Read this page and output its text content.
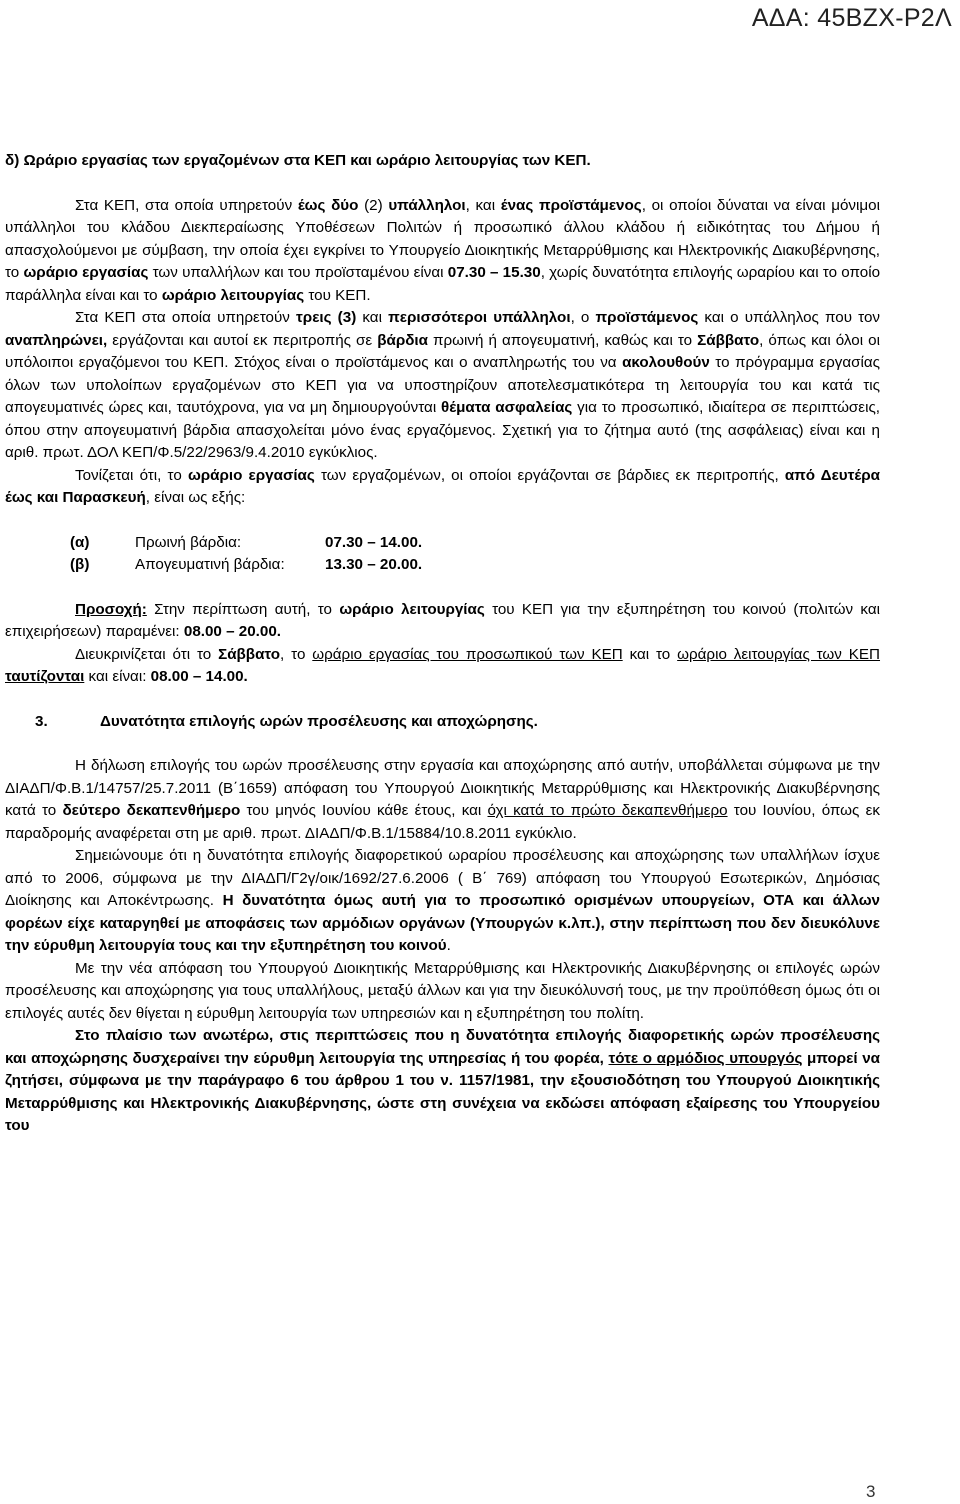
ΑΔΑ: 45ΒΖΧ-Ρ2Λ

δ) Ωράριο εργασίας των εργαζομένων στα ΚΕΠ και ωράριο λειτουργίας των ΚΕΠ.

Στα ΚΕΠ, στα οποία υπηρετούν έως δύο (2) υπάλληλοι, και ένας προϊστάμενος, οι οποίοι δύναται να είναι μόνιμοι υπάλληλοι του κλάδου Διεκπεραίωσης Υποθέσεων Πολιτών ή προσωπικό άλλου κλάδου ή ειδικότητας του Δήμου ή απασχολούμενοι με σύμβαση, την οποία έχει εγκρίνει το Υπουργείο Διοικητικής Μεταρρύθμισης και Ηλεκτρονικής Διακυβέρνησης, το ωράριο εργασίας των υπαλλήλων και του προϊσταμένου είναι 07.30 – 15.30, χωρίς δυνατότητα επιλογής ωραρίου και το οποίο παράλληλα είναι και το ωράριο λειτουργίας του ΚΕΠ.

Στα ΚΕΠ στα οποία υπηρετούν τρεις (3) και περισσότεροι υπάλληλοι, ο προϊστάμενος και ο υπάλληλος που τον αναπληρώνει, εργάζονται και αυτοί εκ περιτροπής σε βάρδια πρωινή ή απογευματινή, καθώς και το Σάββατο, όπως και όλοι οι υπόλοιποι εργαζόμενοι του ΚΕΠ. Στόχος είναι ο προϊστάμενος και ο αναπληρωτής του να ακολουθούν το πρόγραμμα εργασίας όλων των υπολοίπων εργαζομένων στο ΚΕΠ για να υποστηρίζουν αποτελεσματικότερα τη λειτουργία του και κατά τις απογευματινές ώρες και, ταυτόχρονα, για να μη δημιουργούνται θέματα ασφαλείας για το προσωπικό, ιδιαίτερα σε περιπτώσεις, όπου στην απογευματινή βάρδια απασχολείται μόνο ένας εργαζόμενος. Σχετική για το ζήτημα αυτό (της ασφάλειας) είναι και η αριθ. πρωτ. ΔΟΛ ΚΕΠ/Φ.5/22/2963/9.4.2010 εγκύκλιος.

Τονίζεται ότι, το ωράριο εργασίας των εργαζομένων, οι οποίοι εργάζονται σε βάρδιες εκ περιτροπής, από Δευτέρα έως και Παρασκευή, είναι ως εξής:

(α)	Πρωινή βάρδια:	07.30 – 14.00.
(β)	Απογευματινή βάρδια:	13.30 – 20.00.

Προσοχή: Στην περίπτωση αυτή, το ωράριο λειτουργίας του ΚΕΠ για την εξυπηρέτηση του κοινού (πολιτών και επιχειρήσεων) παραμένει: 08.00 – 20.00.

Διευκρινίζεται ότι το Σάββατο, το ωράριο εργασίας του προσωπικού των ΚΕΠ και το ωράριο λειτουργίας των ΚΕΠ ταυτίζονται και είναι: 08.00 – 14.00.

3.	Δυνατότητα επιλογής ωρών προσέλευσης και αποχώρησης.

Η δήλωση επιλογής του ωρών προσέλευσης στην εργασία και αποχώρησης από αυτήν, υποβάλλεται σύμφωνα με την ΔΙΑΔΠ/Φ.Β.1/14757/25.7.2011 (Β΄1659) απόφαση του Υπουργού Διοικητικής Μεταρρύθμισης και Ηλεκτρονικής Διακυβέρνησης κατά το δεύτερο δεκαπενθήμερο του μηνός Ιουνίου κάθε έτους, και όχι κατά το πρώτο δεκαπενθήμερο του Ιουνίου, όπως εκ παραδρομής αναφέρεται στη με αριθ. πρωτ. ΔΙΑΔΠ/Φ.Β.1/15884/10.8.2011 εγκύκλιο.

Σημειώνουμε ότι η δυνατότητα επιλογής διαφορετικού ωραρίου προσέλευσης και αποχώρησης των υπαλλήλων ίσχυε από το 2006, σύμφωνα με την ΔΙΑΔΠ/Γ2γ/οικ/1692/27.6.2006 ( Β΄ 769) απόφαση του Υπουργού Εσωτερικών, Δημόσιας Διοίκησης και Αποκέντρωσης. Η δυνατότητα όμως αυτή για το προσωπικό ορισμένων υπουργείων, ΟΤΑ και άλλων φορέων είχε καταργηθεί με αποφάσεις των αρμόδιων οργάνων (Υπουργών κ.λπ.), στην περίπτωση που δεν διευκόλυνε την εύρυθμη λειτουργία τους και την εξυπηρέτηση του κοινού.

Με την νέα απόφαση του Υπουργού Διοικητικής Μεταρρύθμισης και Ηλεκτρονικής Διακυβέρνησης οι επιλογές ωρών προσέλευσης και αποχώρησης για τους υπαλλήλους, μεταξύ άλλων και για την διευκόλυνσή τους, με την προϋπόθεση όμως ότι οι επιλογές αυτές δεν θίγεται η εύρυθμη λειτουργία των υπηρεσιών και η εξυπηρέτηση του πολίτη.

Στο πλαίσιο των ανωτέρω, στις περιπτώσεις που η δυνατότητα επιλογής διαφορετικής ωρών προσέλευσης και αποχώρησης δυσχεραίνει την εύρυθμη λειτουργία της υπηρεσίας ή του φορέα, τότε ο αρμόδιος υπουργός μπορεί να ζητήσει, σύμφωνα με την παράγραφο 6 του άρθρου 1 του ν. 1157/1981, την εξουσιοδότηση του Υπουργού Διοικητικής Μεταρρύθμισης και Ηλεκτρονικής Διακυβέρνησης, ώστε στη συνέχεια να εκδώσει απόφαση εξαίρεσης του Υπουργείου του

3
